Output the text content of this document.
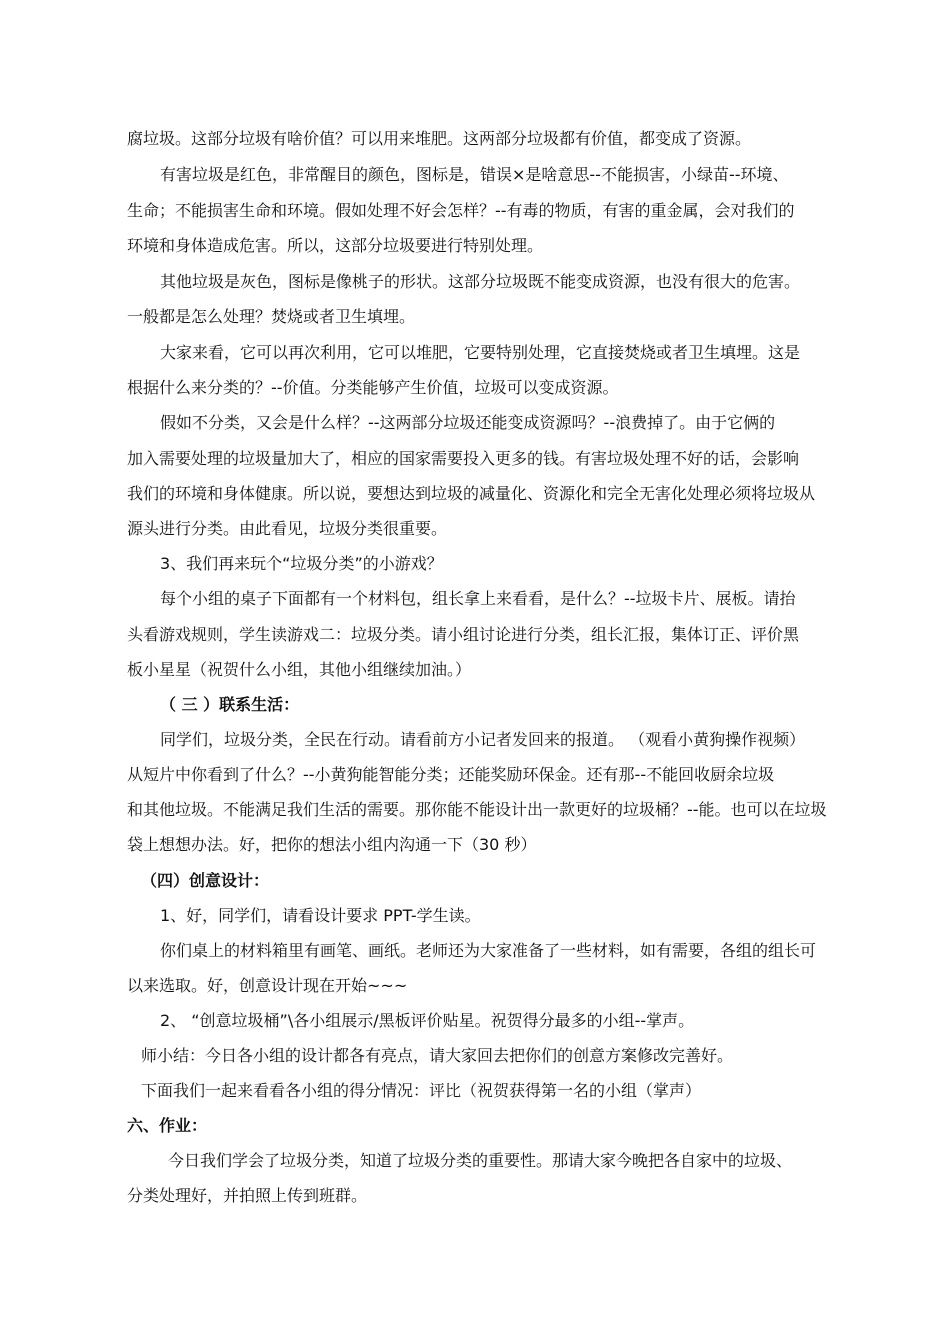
腐垃圾。这部分垃圾有啥价值？可以用来堆肥。这两部分垃圾都有价值，都变成了资源。
有害垃圾是红色，非常醒目的颜色，图标是，错误×是啥意思--不能损害，小绿苗--环境、
生命；不能损害生命和环境。假如处理不好会怎样？--有毒的物质，有害的重金属，会对我们的
环境和身体造成危害。所以，这部分垃圾要进行特别处理。
其他垃圾是灰色，图标是像桃子的形状。这部分垃圾既不能变成资源，也没有很大的危害。
一般都是怎么处理？焚烧或者卫生填埋。
大家来看，它可以再次利用，它可以堆肥，它要特别处理，它直接焚烧或者卫生填埋。这是
根据什么来分类的？--价值。分类能够产生价值，垃圾可以变成资源。
假如不分类，又会是什么样？--这两部分垃圾还能变成资源吗？--浪费掉了。由于它俩的
加入需要处理的垃圾量加大了，相应的国家需要投入更多的钱。有害垃圾处理不好的话，会影响
我们的环境和身体健康。所以说，要想达到垃圾的减量化、资源化和完全无害化处理必须将垃圾从
源头进行分类。由此看见，垃圾分类很重要。
3、我们再来玩个“垃圾分类”的小游戏？
每个小组的桌子下面都有一个材料包，组长拿上来看看，是什么？--垃圾卡片、展板。请抬
头看游戏规则，学生读游戏二：垃圾分类。请小组讨论进行分类，组长汇报，集体订正、评价黑
板小星星（祝贺什么小组，其他小组继续加油。）
（ 三 ）联系生活：
同学们，垃圾分类，全民在行动。请看前方小记者发回来的报道。 （观看小黄狗操作视频）
从短片中你看到了什么？--小黄狗能智能分类；还能奖励环保金。还有那--不能回收厨余垃圾
和其他垃圾。不能满足我们生活的需要。那你能不能设计出一款更好的垃圾桶？--能。也可以在垃圾
袋上想想办法。好，把你的想法小组内沟通一下（30 秒）
（四）创意设计：
1、好，同学们，请看设计要求 PPT-学生读。
你们桌上的材料箱里有画笔、画纸。老师还为大家准备了一些材料，如有需要，各组的组长可
以来选取。好，创意设计现在开始~~~
2、 “创意垃圾桶”\各小组展示/黑板评价贴星。祝贺得分最多的小组--掌声。
师小结：今日各小组的设计都各有亮点，请大家回去把你们的创意方案修改完善好。
下面我们一起来看看各小组的得分情况：评比（祝贺获得第一名的小组（掌声）
六、作业：
今日我们学会了垃圾分类，知道了垃圾分类的重要性。那请大家今晚把各自家中的垃圾、
分类处理好，并拍照上传到班群。
